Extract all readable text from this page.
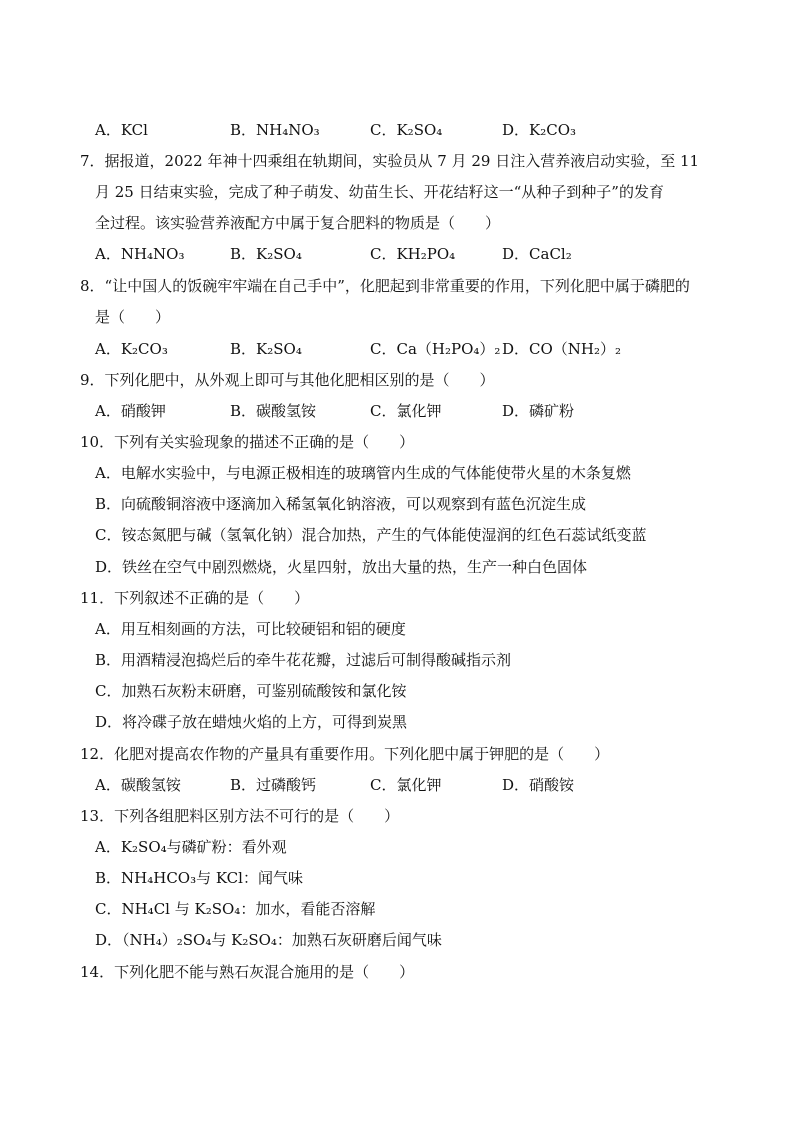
A．KCl	B．NH₄NO₃	C．K₂SO₄	D．K₂CO₃
7．据报道，2022 年神十四乘组在轨期间，实验员从 7 月 29 日注入营养液启动实验，至 11
月 25 日结束实验，完成了种子萌发、幼苗生长、开花结籽这一“从种子到种子”的发育
全过程。该实验营养液配方中属于复合肥料的物质是（　　）
A．NH₄NO₃	B．K₂SO₄	C．KH₂PO₄	D．CaCl₂
8．“让中国人的饭碗牢牢端在自己手中”，化肥起到非常重要的作用，下列化肥中属于磷肥的
是（　　）
A．K₂CO₃	B．K₂SO₄	C．Ca（H₂PO₄）₂ D．CO（NH₂）₂
9．下列化肥中，从外观上即可与其他化肥相区别的是（　　）
A．硝酸钾	B．碳酸氢铵	C．氯化钾	D．磷矿粉
10．下列有关实验现象的描述不正确的是（　　）
A．电解水实验中，与电源正极相连的玻璃管内生成的气体能使带火星的木条复燃
B．向硫酸铜溶液中逐滴加入稀氢氧化钠溶液，可以观察到有蓝色沉淀生成
C．铵态氮肥与碱（氢氧化钠）混合加热，产生的气体能使湿润的红色石蕊试纸变蓝
D．铁丝在空气中剧烈燃烧，火星四射，放出大量的热，生产一种白色固体
11．下列叙述不正确的是（　　）
A．用互相刻画的方法，可比较硬铝和铝的硬度
B．用酒精浸泡捣烂后的牵牛花花瓣，过滤后可制得酸碱指示剂
C．加熟石灰粉末研磨，可鉴别硫酸铵和氯化铵
D．将冷碟子放在蜡烛火焰的上方，可得到炭黑
12．化肥对提高农作物的产量具有重要作用。下列化肥中属于钾肥的是（　　）
A．碳酸氢铵	B．过磷酸钙	C．氯化钾	D．硝酸铵
13．下列各组肥料区别方法不可行的是（　　）
A．K₂SO₄与磷矿粉：看外观
B．NH₄HCO₃与 KCl：闻气味
C．NH₄Cl 与 K₂SO₄：加水，看能否溶解
D．（NH₄）₂SO₄与 K₂SO₄：加熟石灰研磨后闻气味
14．下列化肥不能与熟石灰混合施用的是（　　）
